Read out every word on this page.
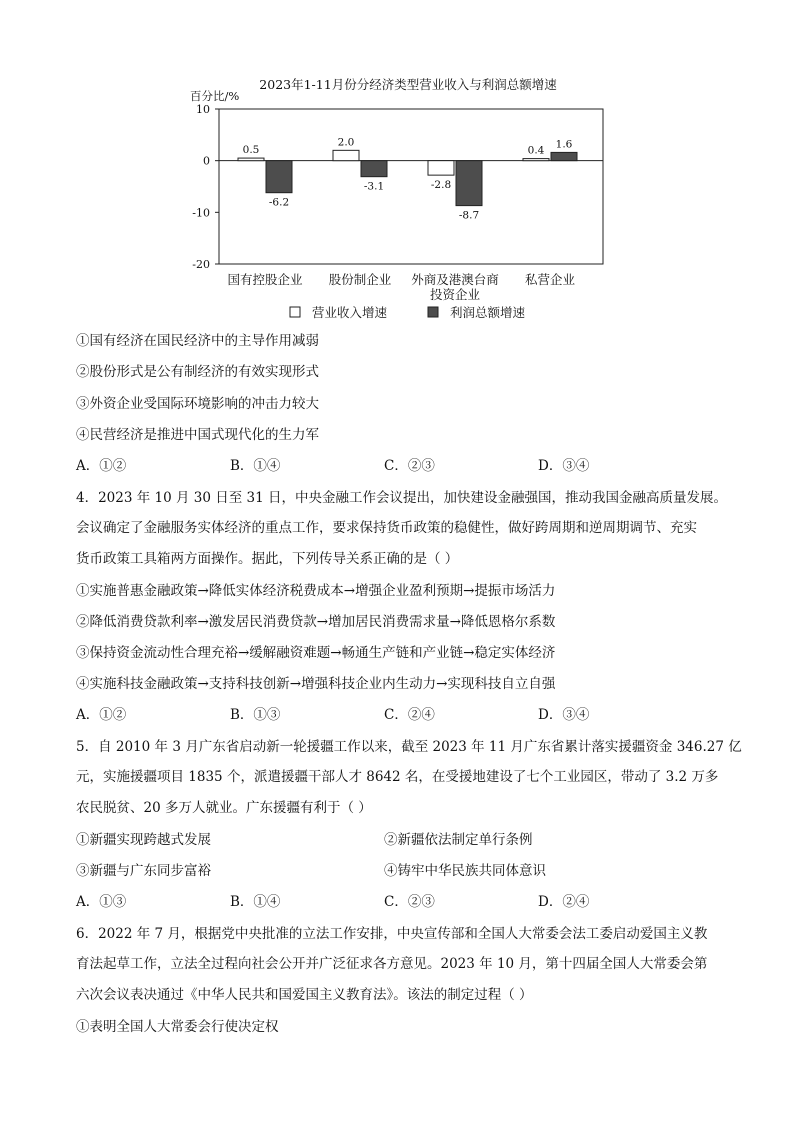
2023年1-11月份分经济类型营业收入与利润总额增速
百分比/%
10
0
-10
-20
0.5
-6.2
国有控股企业
2.0
-3.1
股份制企业
-2.8
-8.7
外商及港澳台商
投资企业
0.4
1.6
私营企业
营业收入增速	利润总额增速
①国有经济在国民经济中的主导作用减弱
②股份形式是公有制经济的有效实现形式
③外资企业受国际环境影响的冲击力较大
④民营经济是推进中国式现代化的生力军
A．①②	B．①④	C．②③	D．③④
4．2023 年 10 月 30 日至 31 日，中央金融工作会议提出，加快建设金融强国，推动我国金融高质量发展。
会议确定了金融服务实体经济的重点工作，要求保持货币政策的稳健性，做好跨周期和逆周期调节、充实
货币政策工具箱两方面操作。据此，下列传导关系正确的是（ ）
①实施普惠金融政策→降低实体经济税费成本→增强企业盈利预期→提振市场活力
②降低消费贷款利率→激发居民消费贷款→增加居民消费需求量→降低恩格尔系数
③保持资金流动性合理充裕→缓解融资难题→畅通生产链和产业链→稳定实体经济
④实施科技金融政策→支持科技创新→增强科技企业内生动力→实现科技自立自强
A．①②	B．①③	C．②④	D．③④
5．自 2010 年 3 月广东省启动新一轮援疆工作以来，截至 2023 年 11 月广东省累计落实援疆资金 346.27 亿
元，实施援疆项目 1835 个，派遣援疆干部人才 8642 名，在受援地建设了七个工业园区，带动了 3.2 万多
农民脱贫、20 多万人就业。广东援疆有利于（ ）
①新疆实现跨越式发展	②新疆依法制定单行条例
③新疆与广东同步富裕	④铸牢中华民族共同体意识
A．①③	B．①④	C．②③	D．②④
6．2022 年 7 月，根据党中央批准的立法工作安排，中央宣传部和全国人大常委会法工委启动爱国主义教
育法起草工作，立法全过程向社会公开并广泛征求各方意见。2023 年 10 月，第十四届全国人大常委会第
六次会议表决通过《中华人民共和国爱国主义教育法》。该法的制定过程（ ）
①表明全国人大常委会行使决定权
